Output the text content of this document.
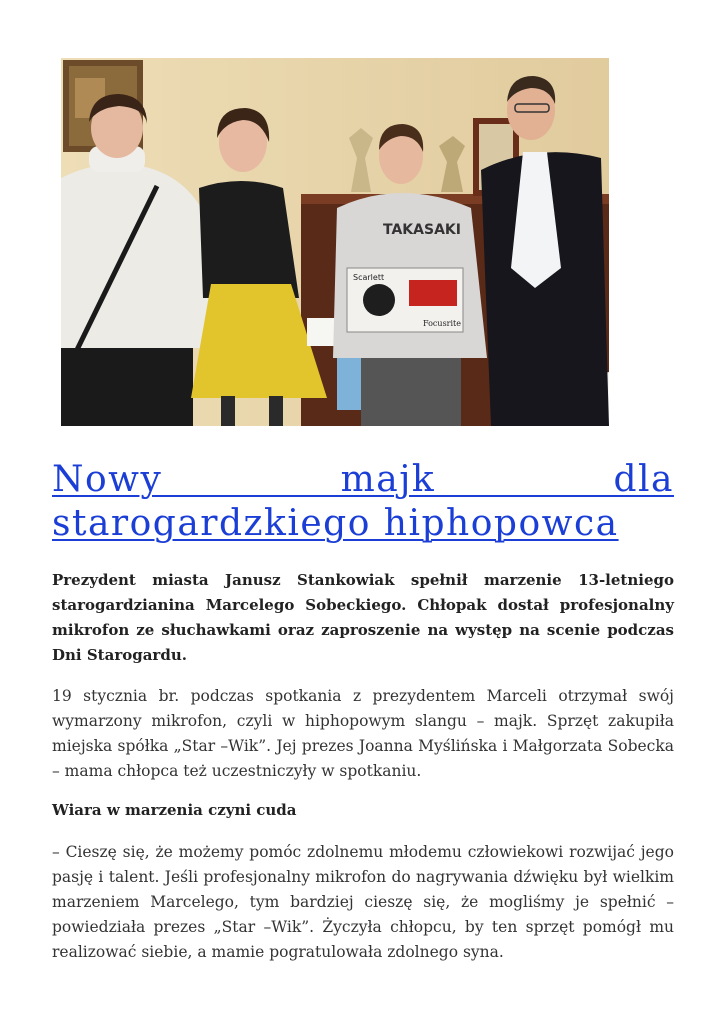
TAKASAKI
Scarlett
Focusrite
Nowy majk dla starogardzkiego hiphopowca

Prezydent miasta Janusz Stankowiak spełnił marzenie 13-letniego starogardzianina Marcelego Sobeckiego. Chłopak dostał profesjonalny mikrofon ze słuchawkami oraz zaproszenie na występ na scenie podczas Dni Starogardu.

19 stycznia br. podczas spotkania z prezydentem Marceli otrzymał swój wymarzony mikrofon, czyli w hiphopowym slangu – majk. Sprzęt zakupiła miejska spółka „Star –Wik”. Jej prezes Joanna Myślińska i Małgorzata Sobecka – mama chłopca też uczestniczyły w spotkaniu.

Wiara w marzenia czyni cuda

– Cieszę się, że możemy pomóc zdolnemu młodemu człowiekowi rozwijać jego pasję i talent. Jeśli profesjonalny mikrofon do nagrywania dźwięku był wielkim marzeniem Marcelego, tym bardziej cieszę się, że mogliśmy je spełnić – powiedziała prezes „Star –Wik”. Życzyła chłopcu, by ten sprzęt pomógł mu realizować siebie, a mamie pogratulowała zdolnego syna.
